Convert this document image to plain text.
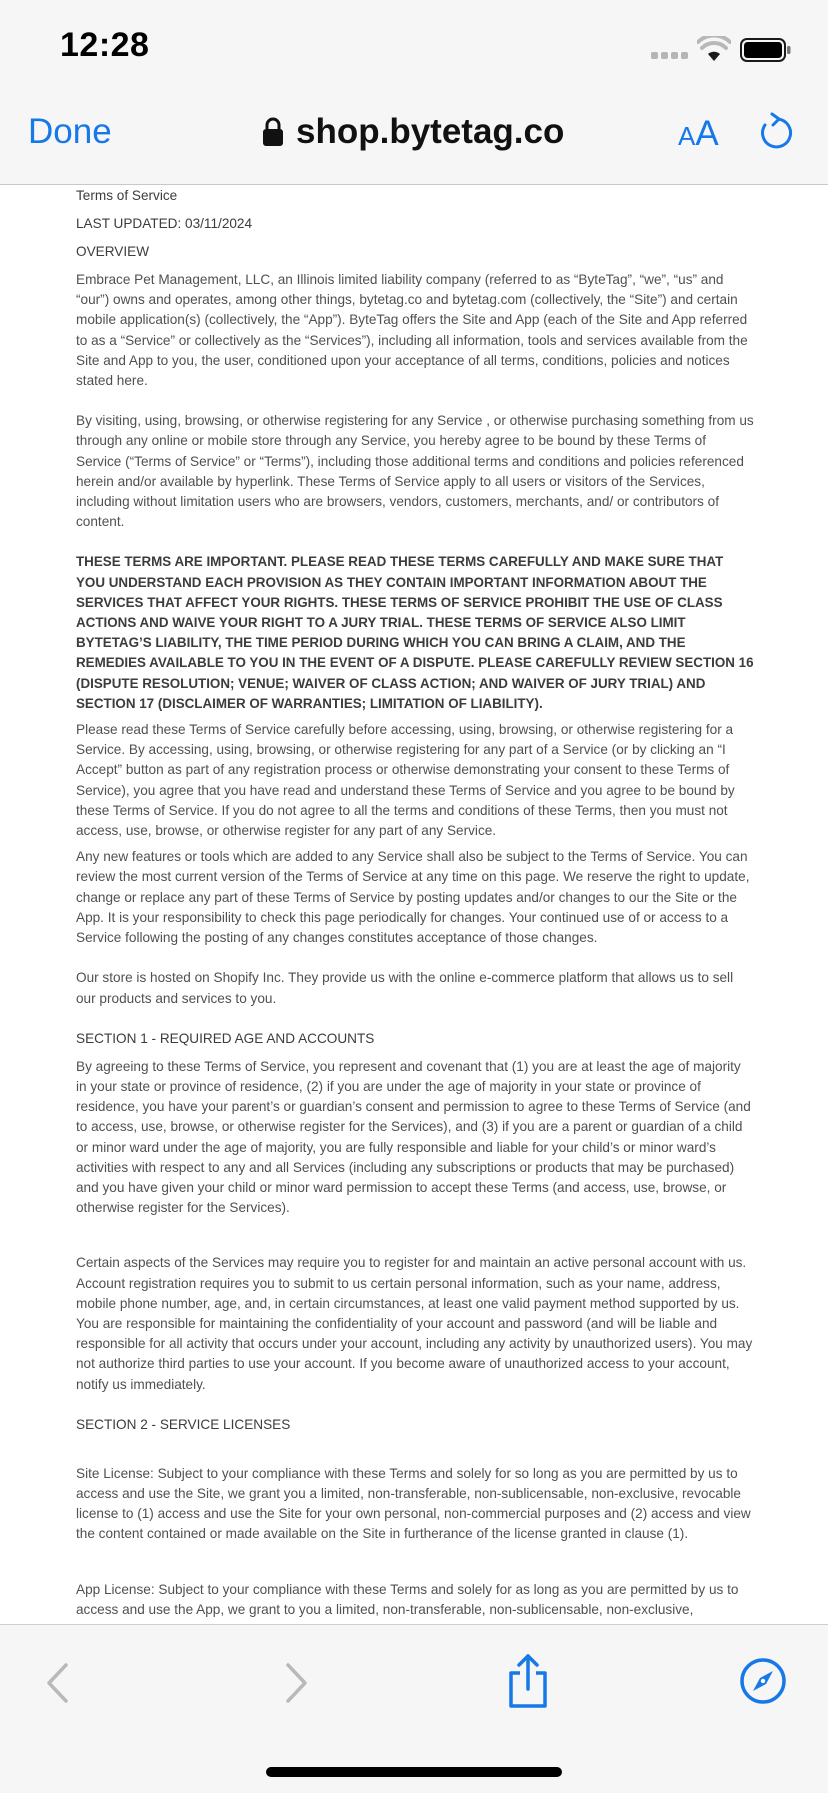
12:28
Done	shop.bytetag.co	AA

Terms of Service

LAST UPDATED: 03/11/2024

OVERVIEW

Embrace Pet Management, LLC, an Illinois limited liability company (referred to as “ByteTag”, “we”, “us” and “our”) owns and operates, among other things, bytetag.co and bytetag.com (collectively, the “Site”) and certain mobile application(s) (collectively, the “App”). ByteTag offers the Site and App (each of the Site and App referred to as a “Service” or collectively as the “Services”), including all information, tools and services available from the Site and App to you, the user, conditioned upon your acceptance of all terms, conditions, policies and notices stated here.

By visiting, using, browsing, or otherwise registering for any Service , or otherwise purchasing something from us through any online or mobile store through any Service, you hereby agree to be bound by these Terms of Service (“Terms of Service” or “Terms”), including those additional terms and conditions and policies referenced herein and/or available by hyperlink. These Terms of Service apply to all users or visitors of the Services, including without limitation users who are browsers, vendors, customers, merchants, and/ or contributors of content.

THESE TERMS ARE IMPORTANT. PLEASE READ THESE TERMS CAREFULLY AND MAKE SURE THAT YOU UNDERSTAND EACH PROVISION AS THEY CONTAIN IMPORTANT INFORMATION ABOUT THE SERVICES THAT AFFECT YOUR RIGHTS. THESE TERMS OF SERVICE PROHIBIT THE USE OF CLASS ACTIONS AND WAIVE YOUR RIGHT TO A JURY TRIAL. THESE TERMS OF SERVICE ALSO LIMIT BYTETAG’S LIABILITY, THE TIME PERIOD DURING WHICH YOU CAN BRING A CLAIM, AND THE REMEDIES AVAILABLE TO YOU IN THE EVENT OF A DISPUTE. PLEASE CAREFULLY REVIEW SECTION 16 (DISPUTE RESOLUTION; VENUE; WAIVER OF CLASS ACTION; AND WAIVER OF JURY TRIAL) AND SECTION 17 (DISCLAIMER OF WARRANTIES; LIMITATION OF LIABILITY).

Please read these Terms of Service carefully before accessing, using, browsing, or otherwise registering for a Service. By accessing, using, browsing, or otherwise registering for any part of a Service (or by clicking an “I Accept” button as part of any registration process or otherwise demonstrating your consent to these Terms of Service), you agree that you have read and understand these Terms of Service and you agree to be bound by these Terms of Service. If you do not agree to all the terms and conditions of these Terms, then you must not access, use, browse, or otherwise register for any part of any Service.

Any new features or tools which are added to any Service shall also be subject to the Terms of Service. You can review the most current version of the Terms of Service at any time on this page. We reserve the right to update, change or replace any part of these Terms of Service by posting updates and/or changes to our the Site or the App. It is your responsibility to check this page periodically for changes. Your continued use of or access to a Service following the posting of any changes constitutes acceptance of those changes.

Our store is hosted on Shopify Inc. They provide us with the online e-commerce platform that allows us to sell our products and services to you.

SECTION 1 - REQUIRED AGE AND ACCOUNTS

By agreeing to these Terms of Service, you represent and covenant that (1) you are at least the age of majority in your state or province of residence, (2) if you are under the age of majority in your state or province of residence, you have your parent’s or guardian’s consent and permission to agree to these Terms of Service (and to access, use, browse, or otherwise register for the Services), and (3) if you are a parent or guardian of a child or minor ward under the age of majority, you are fully responsible and liable for your child’s or minor ward’s activities with respect to any and all Services (including any subscriptions or products that may be purchased) and you have given your child or minor ward permission to accept these Terms (and access, use, browse, or otherwise register for the Services).

Certain aspects of the Services may require you to register for and maintain an active personal account with us. Account registration requires you to submit to us certain personal information, such as your name, address, mobile phone number, age, and, in certain circumstances, at least one valid payment method supported by us. You are responsible for maintaining the confidentiality of your account and password (and will be liable and responsible for all activity that occurs under your account, including any activity by unauthorized users). You may not authorize third parties to use your account. If you become aware of unauthorized access to your account, notify us immediately.

SECTION 2 - SERVICE LICENSES

Site License: Subject to your compliance with these Terms and solely for so long as you are permitted by us to access and use the Site, we grant you a limited, non-transferable, non-sublicensable, non-exclusive, revocable license to (1) access and use the Site for your own personal, non-commercial purposes and (2) access and view the content contained or made available on the Site in furtherance of the license granted in clause (1).

App License: Subject to your compliance with these Terms and solely for as long as you are permitted by us to access and use the App, we grant to you a limited, non-transferable, non-sublicensable, non-exclusive,
